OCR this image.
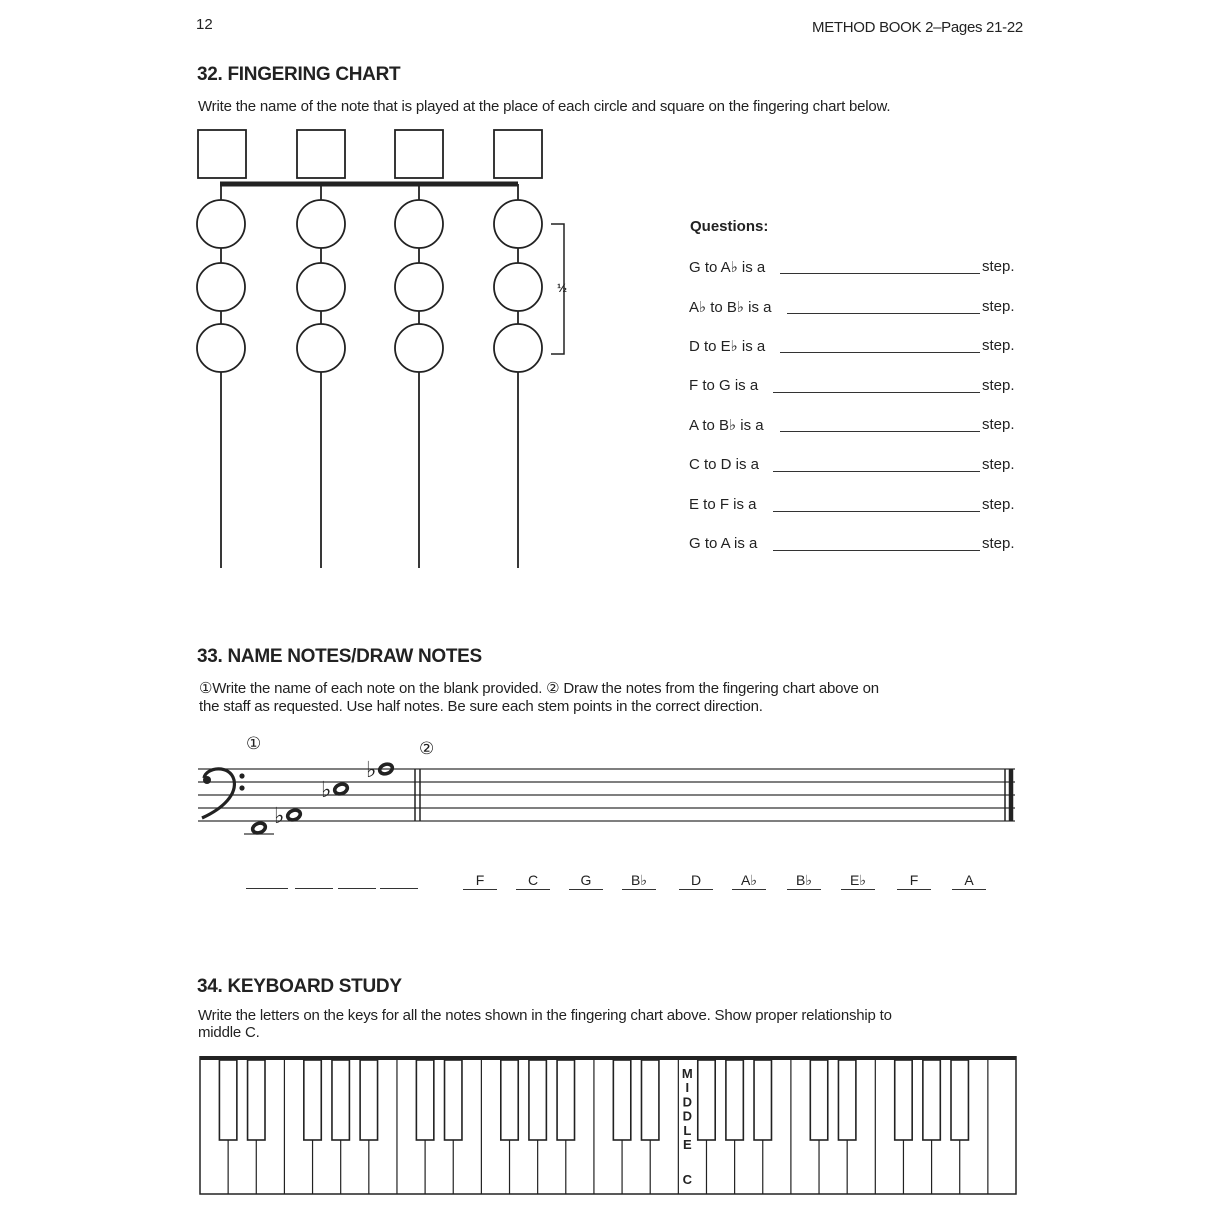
12	METHOD BOOK 2–Pages 21-22
32. FINGERING CHART
Write the name of the note that is played at the place of each circle and square on the fingering chart below.
½
Questions:
G to A♭ is a	step.
A♭ to B♭ is a	step.
D to E♭ is a	step.
F to G is a	step.
A to B♭ is a	step.
C to D is a	step.
E to F is a	step.
G to A is a	step.
33. NAME NOTES/DRAW NOTES
①Write the name of each note on the blank provided. ② Draw the notes from the fingering chart above on
the staff as requested. Use half notes. Be sure each stem points in the correct direction.
①	②
♭
♭
♭
F	C	G	B♭	D	A♭	B♭	E♭	F	A
34. KEYBOARD STUDY
Write the letters on the keys for all the notes shown in the fingering chart above. Show proper relationship to
middle C.
M
I
D
D
L
E
C
